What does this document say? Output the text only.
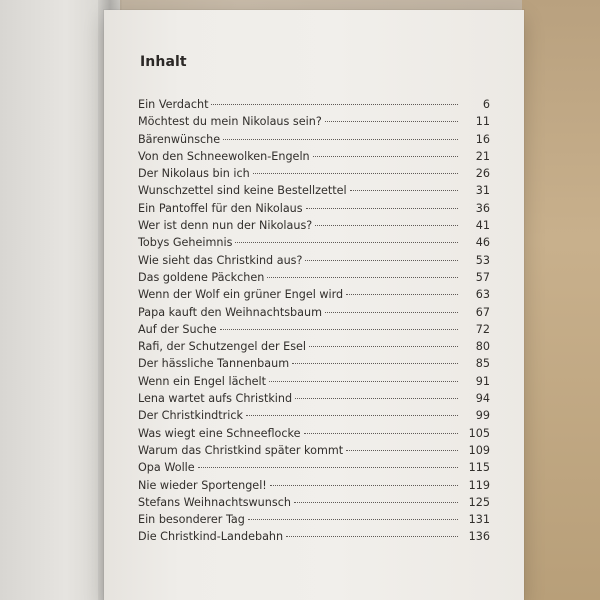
Inhalt
Ein Verdacht	6
Möchtest du mein Nikolaus sein?	11
Bärenwünsche	16
Von den Schneewolken-Engeln	21
Der Nikolaus bin ich	26
Wunschzettel sind keine Bestellzettel	31
Ein Pantoffel für den Nikolaus	36
Wer ist denn nun der Nikolaus?	41
Tobys Geheimnis	46
Wie sieht das Christkind aus?	53
Das goldene Päckchen	57
Wenn der Wolf ein grüner Engel wird	63
Papa kauft den Weihnachtsbaum	67
Auf der Suche	72
Rafi, der Schutzengel der Esel	80
Der hässliche Tannenbaum	85
Wenn ein Engel lächelt	91
Lena wartet aufs Christkind	94
Der Christkindtrick	99
Was wiegt eine Schneeflocke	105
Warum das Christkind später kommt	109
Opa Wolle	115
Nie wieder Sportengel!	119
Stefans Weihnachtswunsch	125
Ein besonderer Tag	131
Die Christkind-Landebahn	136
